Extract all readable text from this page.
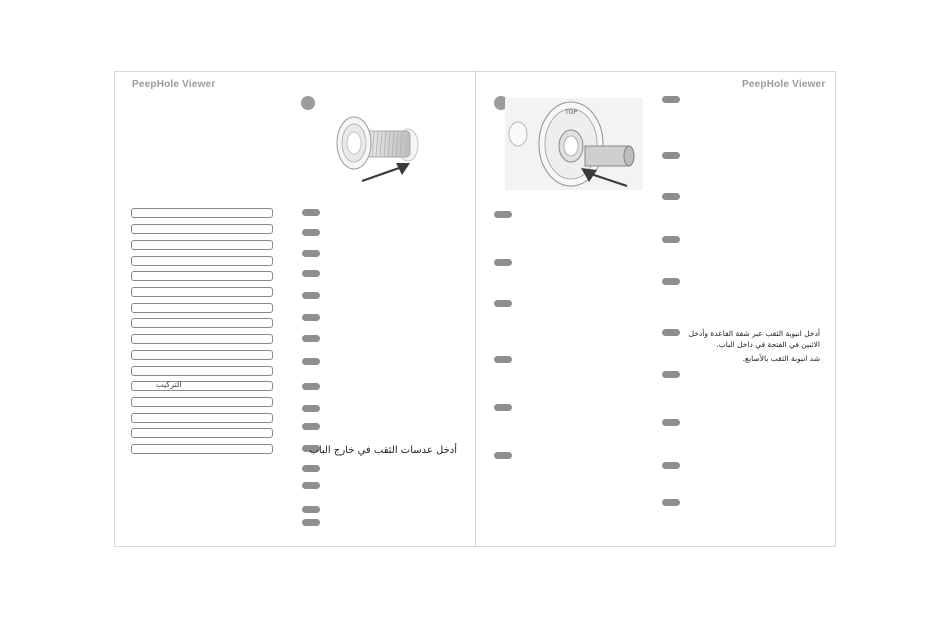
PeepHole Viewer
التركيب
أدخل عدسات الثقب في خارج الباب
PeepHole Viewer
TOP
أدخل انبوبة الثقب عبر شفة القاعدة وأدخل
الاثنين في الفتحة في داخل الباب.
شد انبوبة الثقب بالأصابع.
